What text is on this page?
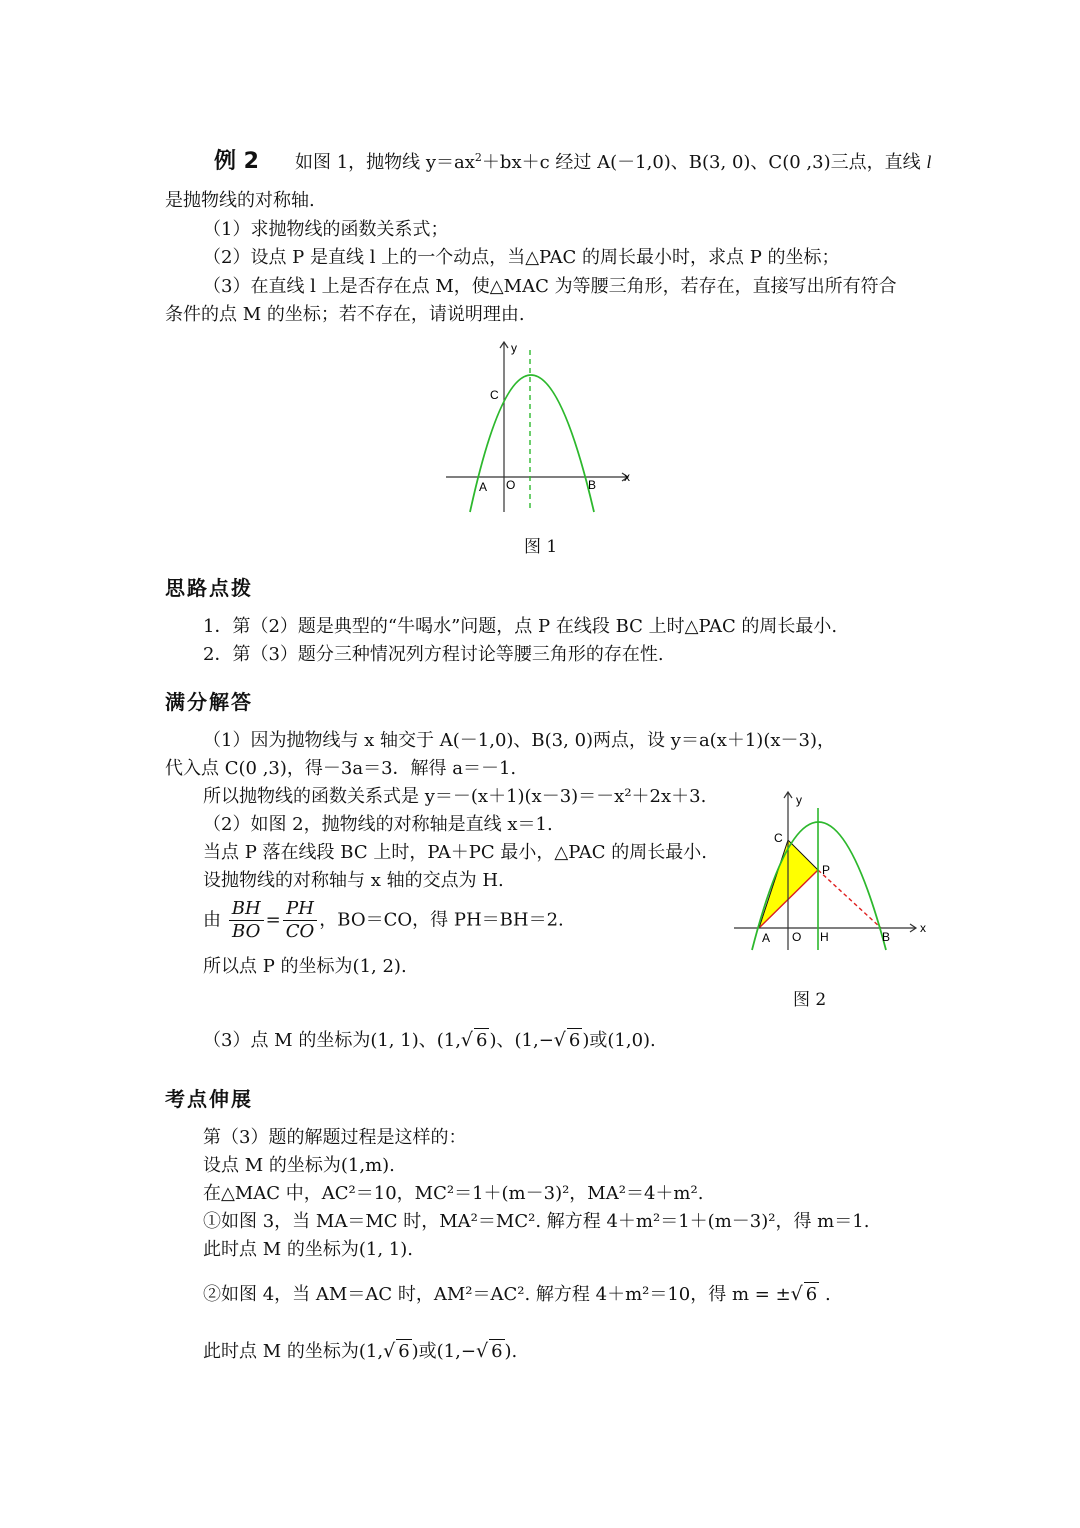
例 2 如图 1，抛物线 $y=ax^2+bx+c$ 经过 A(－1,0)、B(3, 0)、C(0 ,3)三点，直线 l
是抛物线的对称轴.
（1）求抛物线的函数关系式；
（2）设点 P 是直线 l 上的一个动点，当△PAC 的周长最小时，求点 P 的坐标；
（3）在直线 l 上是否存在点 M，使△MAC 为等腰三角形，若存在，直接写出所有符合
条件的点 M 的坐标；若不存在，请说明理由.
y
x
C
A O	B
图 1
思路点拨
1．第（2）题是典型的“牛喝水”问题，点 P 在线段 BC 上时△PAC 的周长最小.
2．第（3）题分三种情况列方程讨论等腰三角形的存在性.
满分解答
（1）因为抛物线与 x 轴交于 A(－1,0)、B(3, 0)两点，设 y＝a(x＋1)(x－3)，
代入点 C(0 ,3)，得－3a＝3．解得 a＝－1.
所以抛物线的函数关系式是 y＝－(x＋1)(x－3)＝－x²＋2x＋3.
（2）如图 2，抛物线的对称轴是直线 x＝1.
当点 P 落在线段 BC 上时，PA＋PC 最小，△PAC 的周长最小.
设抛物线的对称轴与 x 轴的交点为 H.
由 $\frac{BH}{BO} = \frac{PH}{CO}$ ，BO＝CO，得 PH＝BH＝2.
所以点 P 的坐标为(1, 2).
y
x
C
P
A O H	B
图 2
（3）点 M 的坐标为(1, 1)、(1,√ 6 )、(1,−√ 6 )或(1,0).
考点伸展
第（3）题的解题过程是这样的：
设点 M 的坐标为(1,m).
在△MAC 中，AC²＝10，MC²＝1＋(m－3)²，MA²＝4＋m².
①如图 3，当 MA＝MC 时，MA²＝MC². 解方程 4＋m²＝1＋(m－3)²，得 m＝1.
此时点 M 的坐标为(1, 1).
②如图 4，当 AM＝AC 时，AM²＝AC². 解方程 4＋m²＝10，得 m = ±√ 6 .
此时点 M 的坐标为(1,√ 6 )或(1,−√ 6 ).
